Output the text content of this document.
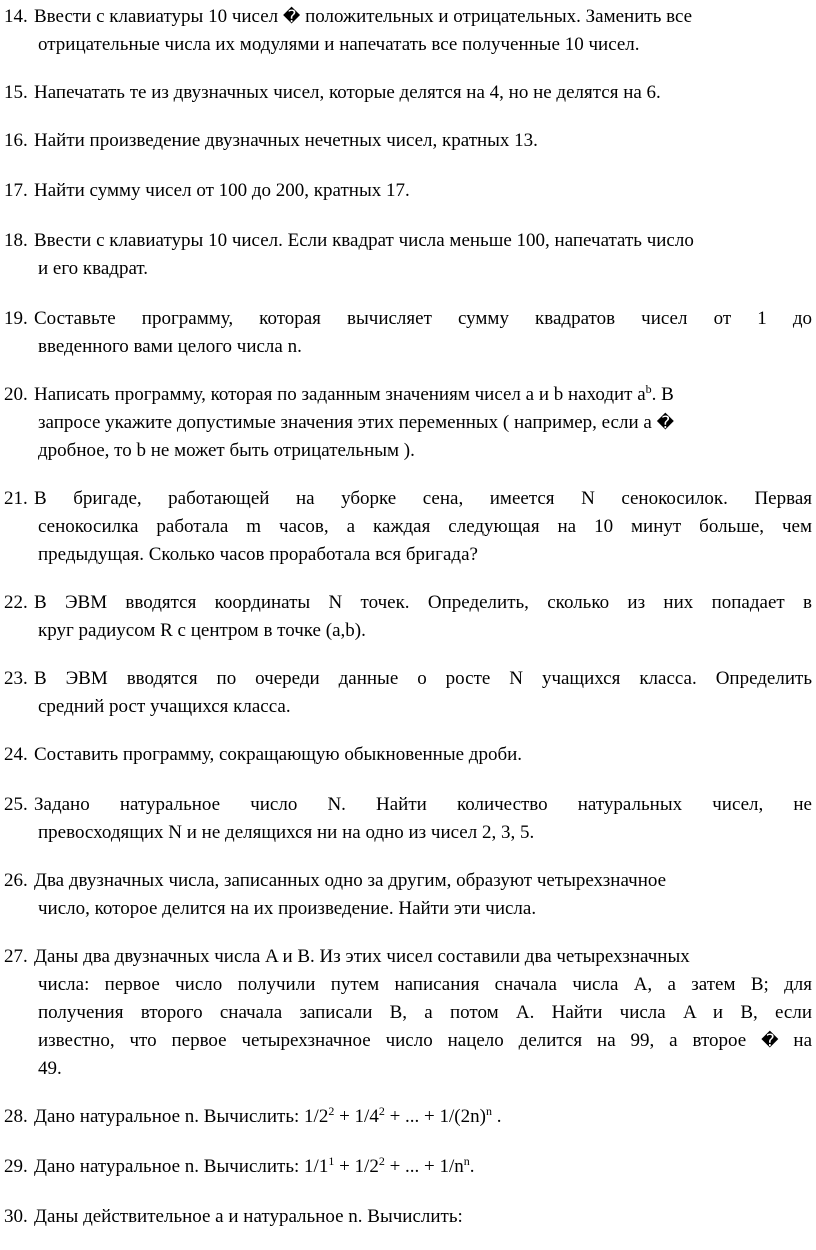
14. Ввести с клавиатуры 10 чисел � положительных и отрицательных. Заменить все
отрицательные числа их модулями и напечатать все полученные 10 чисел.
15. Напечатать те из двузначных чисел, которые делятся на 4, но не делятся на 6.
16. Найти произведение двузначных нечетных чисел, кратных 13.
17. Найти сумму чисел от 100 до 200, кратных 17.
18. Ввести с клавиатуры 10 чисел. Если квадрат числа меньше 100, напечатать число
и его квадрат.
19. Составьте программу, которая вычисляет сумму квадратов чисел от 1 до
введенного вами целого числа n.
20. Написать программу, которая по заданным значениям чисел a и b находит $a^b$. В
запросе укажите допустимые значения этих переменных ( например, если a �
дробное, то b не может быть отрицательным ).
21. В бригаде, работающей на уборке сена, имеется N сенокосилок. Первая
сенокосилка работала m часов, а каждая следующая на 10 минут больше, чем
предыдущая. Сколько часов проработала вся бригада?
22. В ЭВМ вводятся координаты N точек. Определить, сколько из них попадает в
круг радиусом R с центром в точке (a,b).
23. В ЭВМ вводятся по очереди данные о росте N учащихся класса. Определить
средний рост учащихся класса.
24. Составить программу, сокращающую обыкновенные дроби.
25. Задано натуральное число N. Найти количество натуральных чисел, не
превосходящих N и не делящихся ни на одно из чисел 2, 3, 5.
26. Два двузначных числа, записанных одно за другим, образуют четырехзначное
число, которое делится на их произведение. Найти эти числа.
27. Даны два двузначных числа A и B. Из этих чисел составили два четырехзначных
числа: первое число получили путем написания сначала числа A, а затем B; для
получения второго сначала записали B, а потом A. Найти числа A и B, если
известно, что первое четырехзначное число нацело делится на 99, а второе � на
49.
28. Дано натуральное n. Вычислить: $1/2^2 + 1/4^2$ + ... + $1/(2n)^n$ .
29. Дано натуральное n. Вычислить: $1/1^1 + 1/2^2$ + ... + $1/n^n$.
30. Даны действительное a и натуральное n. Вычислить:
